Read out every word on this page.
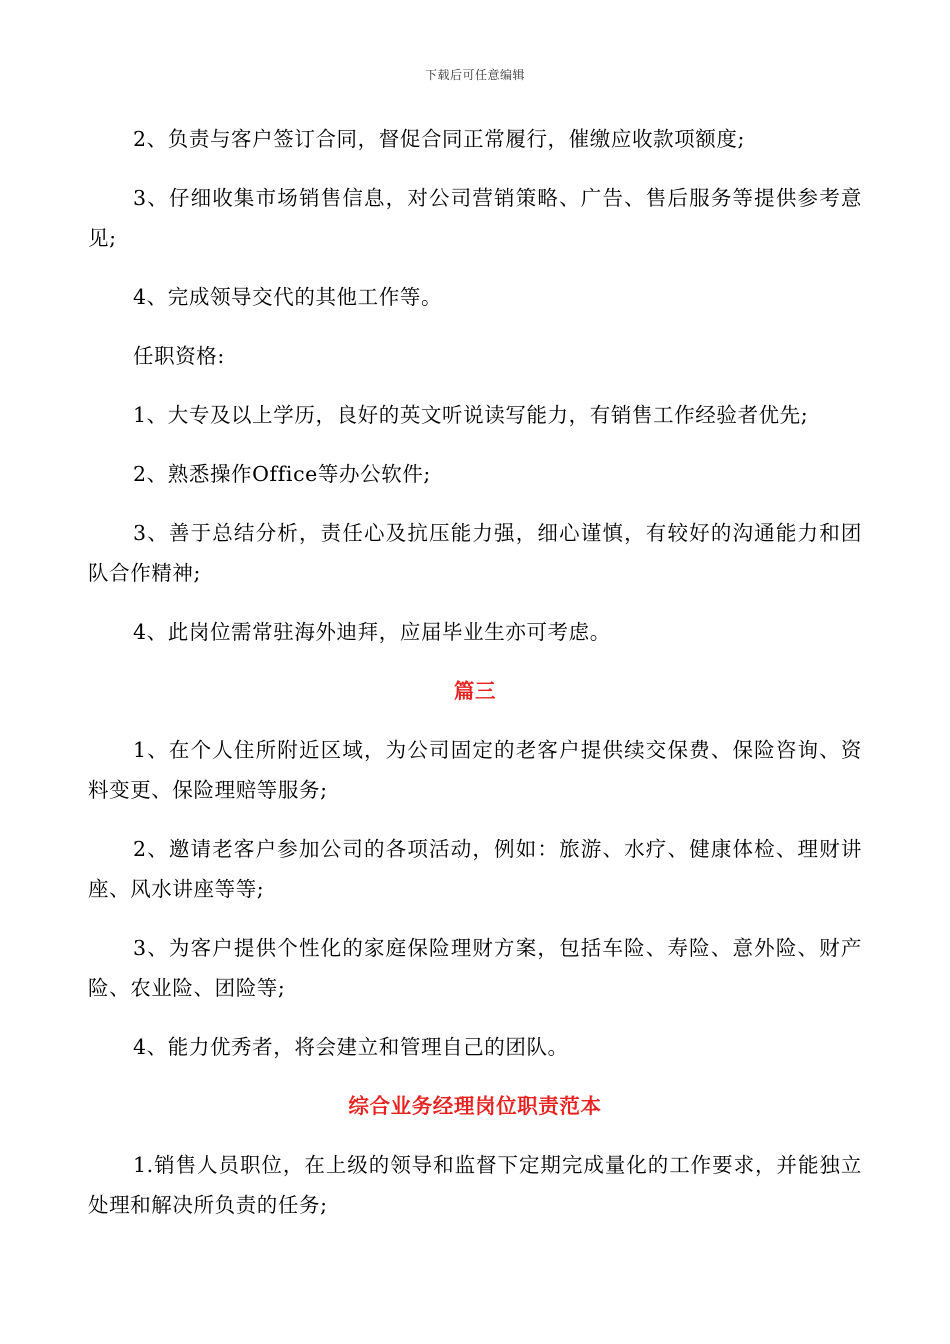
下载后可任意编辑

2、负责与客户签订合同，督促合同正常履行，催缴应收款项额度;

3、仔细收集市场销售信息，对公司营销策略、广告、售后服务等提供参考意见;

4、完成领导交代的其他工作等。

任职资格:

1、大专及以上学历，良好的英文听说读写能力，有销售工作经验者优先;

2、熟悉操作Office等办公软件;

3、善于总结分析，责任心及抗压能力强，细心谨慎，有较好的沟通能力和团队合作精神;

4、此岗位需常驻海外迪拜，应届毕业生亦可考虑。

篇三

1、在个人住所附近区域，为公司固定的老客户提供续交保费、保险咨询、资料变更、保险理赔等服务;

2、邀请老客户参加公司的各项活动，例如：旅游、水疗、健康体检、理财讲座、风水讲座等等;

3、为客户提供个性化的家庭保险理财方案，包括车险、寿险、意外险、财产险、农业险、团险等;

4、能力优秀者，将会建立和管理自己的团队。

综合业务经理岗位职责范本

1.销售人员职位，在上级的领导和监督下定期完成量化的工作要求，并能独立处理和解决所负责的任务;
